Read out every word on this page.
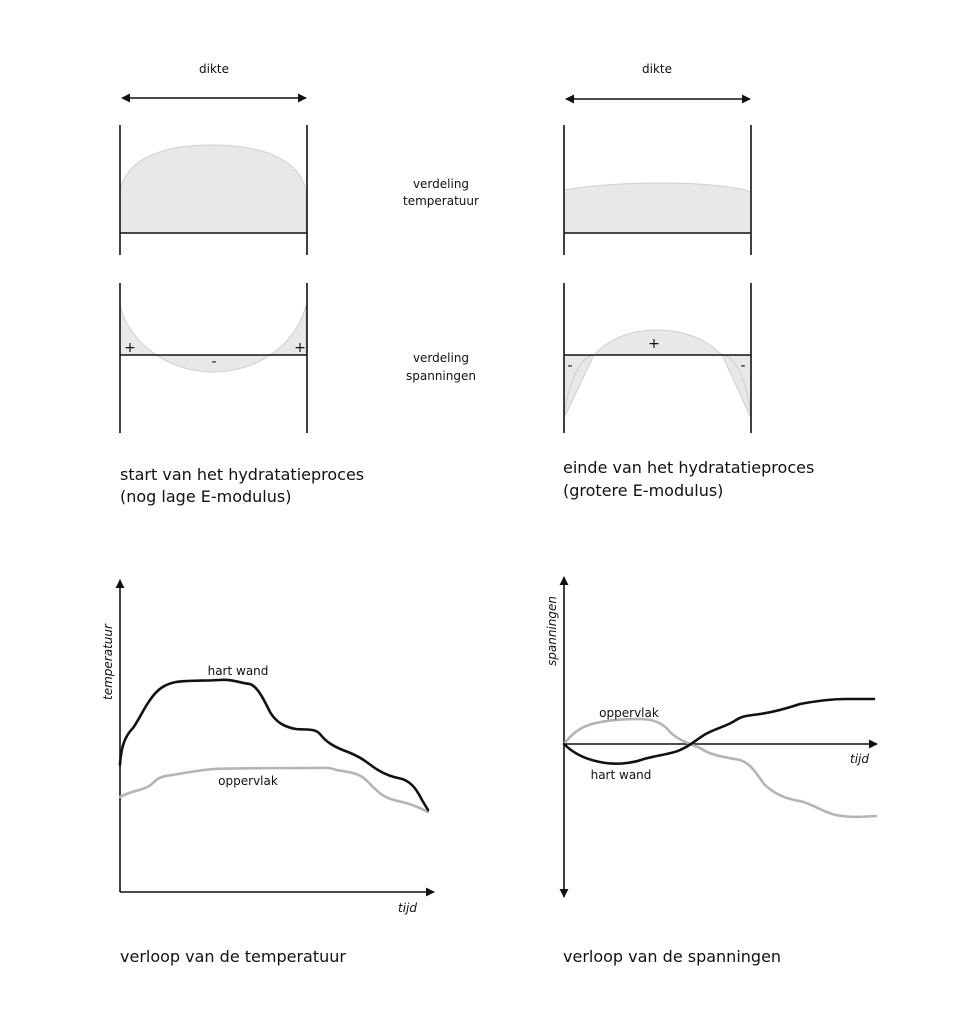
dikte
+
-
+
start van het hydratatieproces
(nog lage E-modulus)
verdeling
temperatuur
verdeling
spanningen
dikte
+
-	-
einde van het hydratatieproces
(grotere E-modulus)
temperatuur
tijd
hart wand
oppervlak
verloop van de temperatuur
spanningen
tijd
oppervlak
hart wand
verloop van de spanningen
